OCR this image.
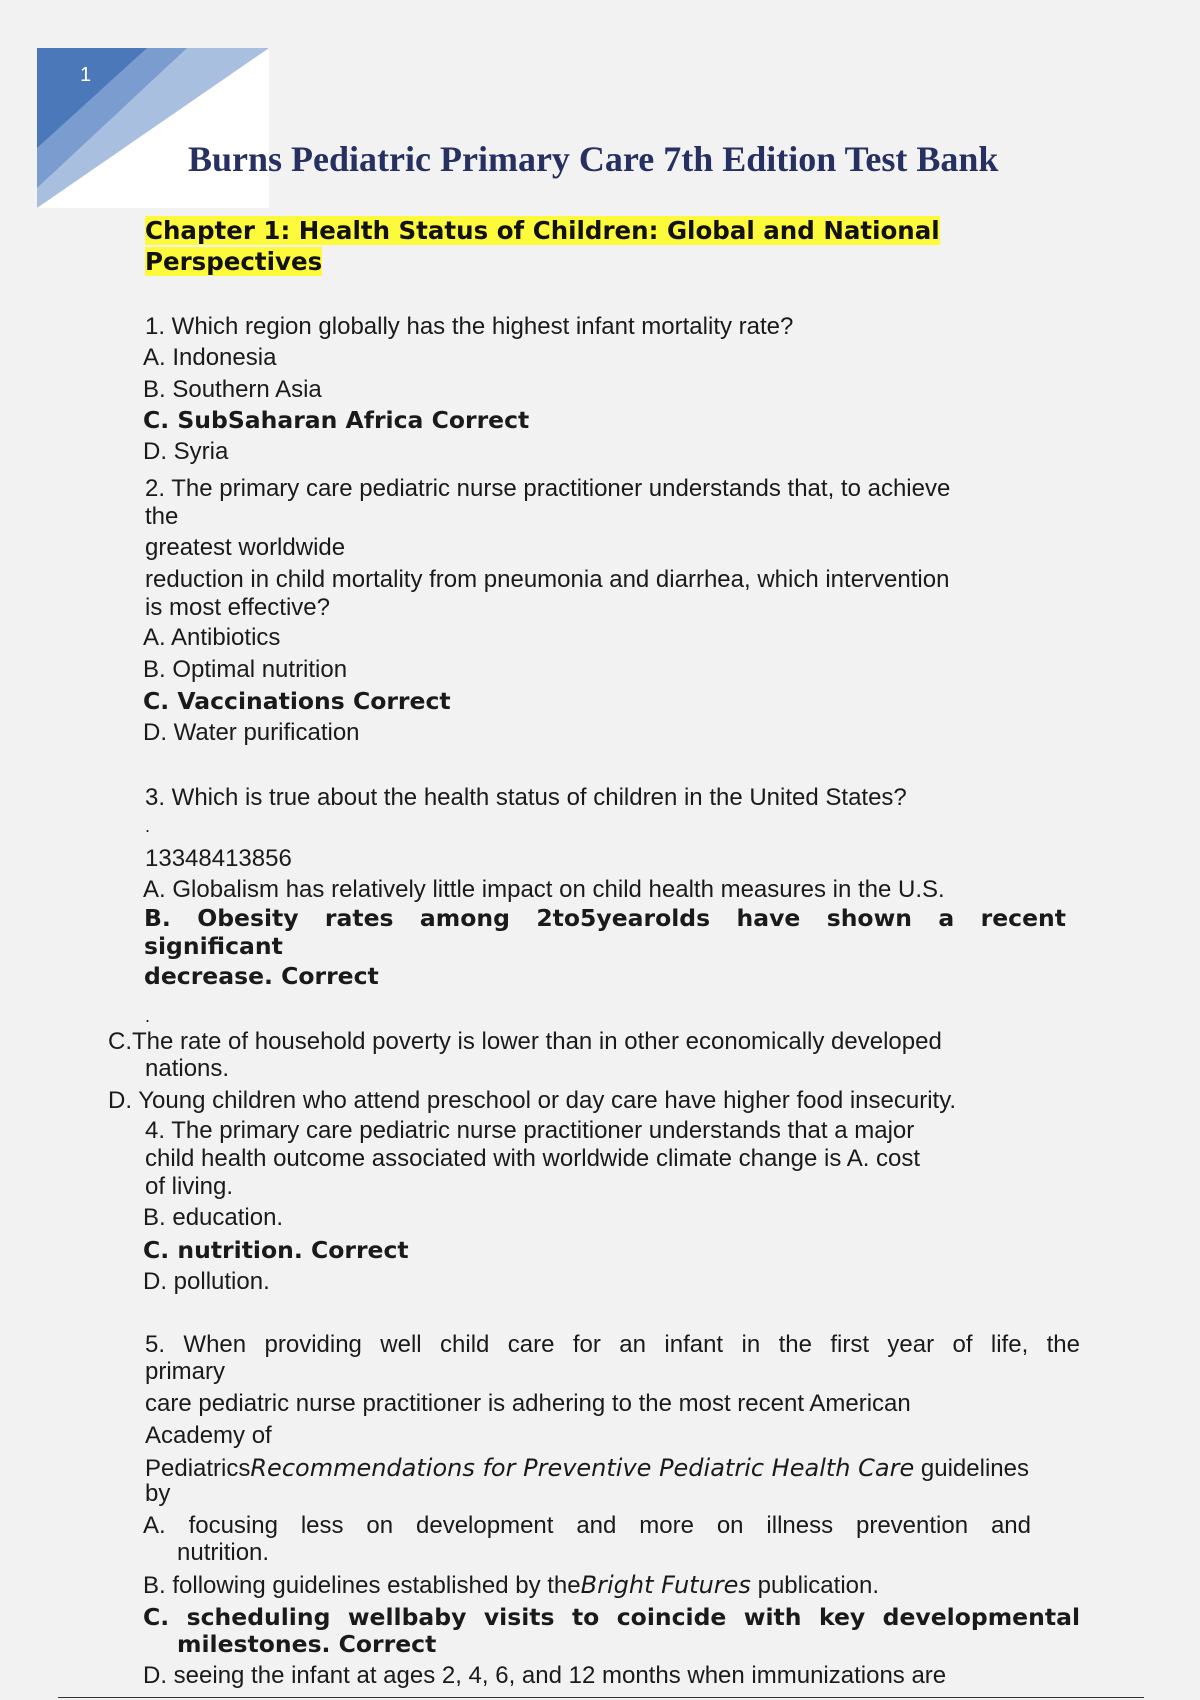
1
Burns Pediatric Primary Care 7th Edition Test Bank
Chapter 1: Health Status of Children: Global and National
Perspectives

1. Which region globally has the highest infant mortality rate?

A. Indonesia

B. Southern Asia

C. SubSaharan Africa Correct

D. Syria

2. The primary care pediatric nurse practitioner understands that, to achieve

the

greatest worldwide

reduction in child mortality from pneumonia and diarrhea, which intervention

is most effective?

A. Antibiotics

B. Optimal nutrition

C. Vaccinations Correct

D. Water purification

3. Which is true about the health status of children in the United States?

.

13348413856

A. Globalism has relatively little impact on child health measures in the U.S.

B. Obesity rates among 2to5yearolds have shown a recent

significant

decrease. Correct

.

C.The rate of household poverty is lower than in other economically developed

nations.

D. Young children who attend preschool or day care have higher food insecurity.

4. The primary care pediatric nurse practitioner understands that a major

child health outcome associated with worldwide climate change is A. cost

of living.

B. education.

C. nutrition. Correct

D. pollution.

5. When providing well child care for an infant in the first year of life, the

primary

care pediatric nurse practitioner is adhering to the most recent American

Academy of

PediatricsRecommendations for Preventive Pediatric Health Care guidelines

by

A. focusing less on development and more on illness prevention and

nutrition.

B. following guidelines established by theBright Futures publication.

C. scheduling wellbaby visits to coincide with key developmental

milestones. Correct

D. seeing the infant at ages 2, 4, 6, and 12 months when immunizations are
